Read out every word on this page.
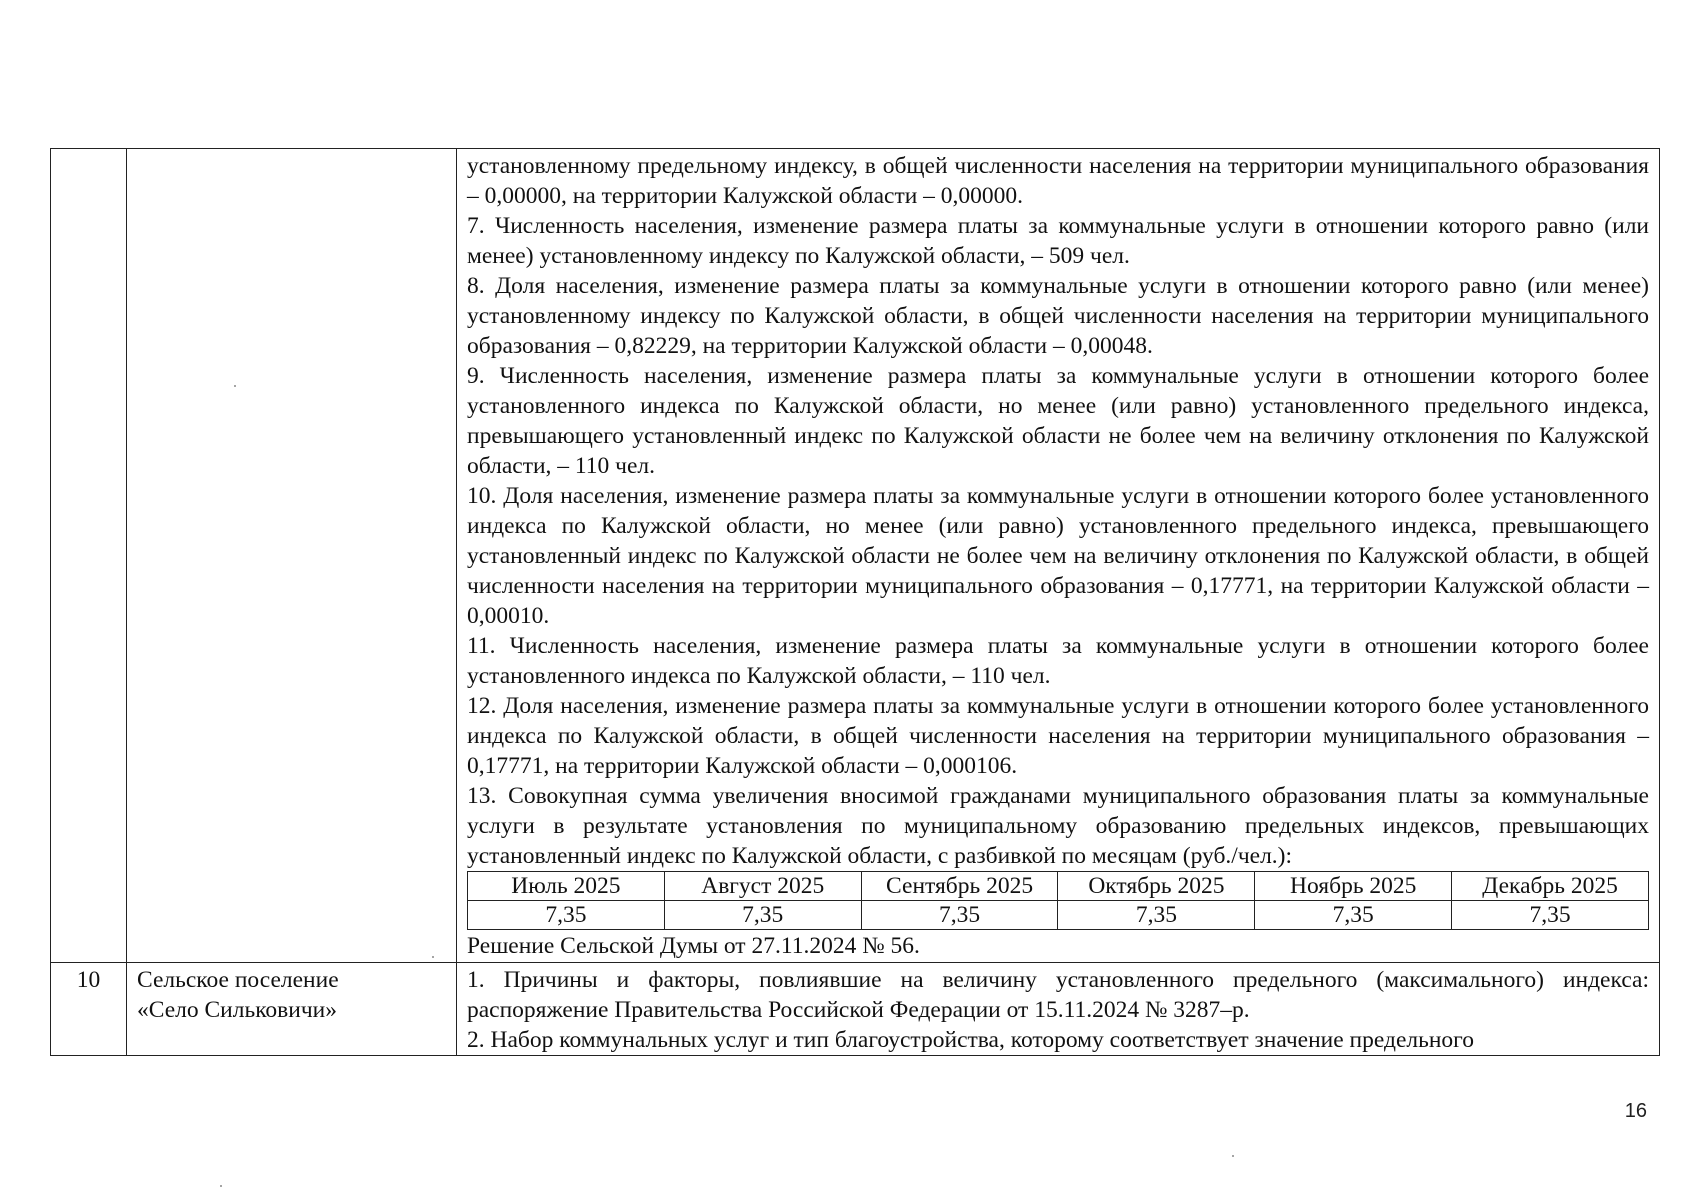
установленному предельному индексу, в общей численности населения на территории муниципального образования – 0,00000, на территории Калужской области – 0,00000.

7. Численность населения, изменение размера платы за коммунальные услуги в отношении которого равно (или менее) установленному индексу по Калужской области, – 509 чел.

8. Доля населения, изменение размера платы за коммунальные услуги в отношении которого равно (или менее) установленному индексу по Калужской области, в общей численности населения на территории муниципального образования – 0,82229, на территории Калужской области – 0,00048.

9. Численность населения, изменение размера платы за коммунальные услуги в отношении которого более установленного индекса по Калужской области, но менее (или равно) установленного предельного индекса, превышающего установленный индекс по Калужской области не более чем на величину отклонения по Калужской области, – 110 чел.

10. Доля населения, изменение размера платы за коммунальные услуги в отношении которого более установленного индекса по Калужской области, но менее (или равно) установленного предельного индекса, превышающего установленный индекс по Калужской области не более чем на величину отклонения по Калужской области, в общей численности населения на территории муниципального образования – 0,17771, на территории Калужской области – 0,00010.

11. Численность населения, изменение размера платы за коммунальные услуги в отношении которого более установленного индекса по Калужской области, – 110 чел.

12. Доля населения, изменение размера платы за коммунальные услуги в отношении которого более установленного индекса по Калужской области, в общей численности населения на территории муниципального образования – 0,17771, на территории Калужской области – 0,000106.

13. Совокупная сумма увеличения вносимой гражданами муниципального образования платы за коммунальные услуги в результате установления по муниципальному образованию предельных индексов, превышающих установленный индекс по Калужской области, с разбивкой по месяцам (руб./чел.):

Июль 2025	Август 2025	Сентябрь 2025	Октябрь 2025	Ноябрь 2025	Декабрь 2025
7,35	7,35	7,35	7,35	7,35	7,35

Решение Сельской Думы от 27.11.2024 № 56.

10	Сельское поселение
«Село Сильковичи»

1. Причины и факторы, повлиявшие на величину установленного предельного (максимального) индекса: распоряжение Правительства Российской Федерации от 15.11.2024 № 3287–р.

2. Набор коммунальных услуг и тип благоустройства, которому соответствует значение предельного

16
